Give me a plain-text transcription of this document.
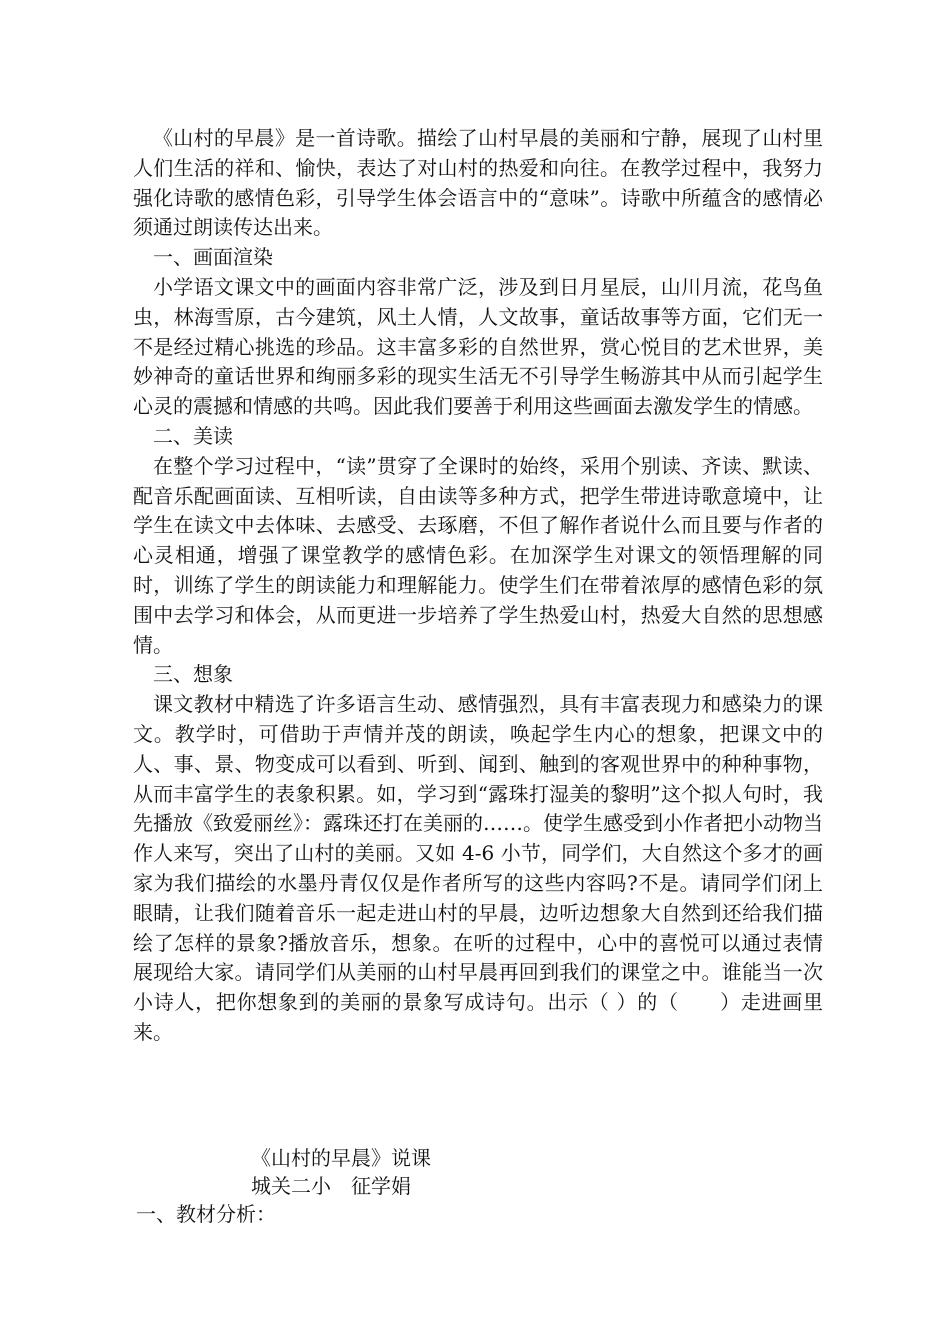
《山村的早晨》是一首诗歌。描绘了山村早晨的美丽和宁静，展现了山村里人们生活的祥和、愉快，表达了对山村的热爱和向往。在教学过程中，我努力强化诗歌的感情色彩，引导学生体会语言中的“意味”。诗歌中所蕴含的感情必须通过朗读传达出来。

一、画面渲染

小学语文课文中的画面内容非常广泛，涉及到日月星辰，山川月流，花鸟鱼虫，林海雪原，古今建筑，风土人情，人文故事，童话故事等方面，它们无一不是经过精心挑选的珍品。这丰富多彩的自然世界，赏心悦目的艺术世界，美妙神奇的童话世界和绚丽多彩的现实生活无不引导学生畅游其中从而引起学生心灵的震撼和情感的共鸣。因此我们要善于利用这些画面去激发学生的情感。

二、美读

在整个学习过程中，“读”贯穿了全课时的始终，采用个别读、齐读、默读、配音乐配画面读、互相听读，自由读等多种方式，把学生带进诗歌意境中，让学生在读文中去体味、去感受、去琢磨，不但了解作者说什么而且要与作者的心灵相通，增强了课堂教学的感情色彩。在加深学生对课文的领悟理解的同时，训练了学生的朗读能力和理解能力。使学生们在带着浓厚的感情色彩的氛围中去学习和体会，从而更进一步培养了学生热爱山村，热爱大自然的思想感情。

三、想象

课文教材中精选了许多语言生动、感情强烈，具有丰富表现力和感染力的课文。教学时，可借助于声情并茂的朗读，唤起学生内心的想象，把课文中的人、事、景、物变成可以看到、听到、闻到、触到的客观世界中的种种事物，从而丰富学生的表象积累。如，学习到“露珠打湿美的黎明”这个拟人句时，我先播放《致爱丽丝》：露珠还打在美丽的……。使学生感受到小作者把小动物当作人来写，突出了山村的美丽。又如 4-6 小节，同学们，大自然这个多才的画家为我们描绘的水墨丹青仅仅是作者所写的这些内容吗?不是。请同学们闭上眼睛，让我们随着音乐一起走进山村的早晨，边听边想象大自然到还给我们描绘了怎样的景象?播放音乐，想象。在听的过程中，心中的喜悦可以通过表情展现给大家。请同学们从美丽的山村早晨再回到我们的课堂之中。谁能当一次小诗人，把你想象到的美丽的景象写成诗句。出示（ ）的（　　）走进画里来。

《山村的早晨》说课

城关二小　征学娟

一、教材分析：
